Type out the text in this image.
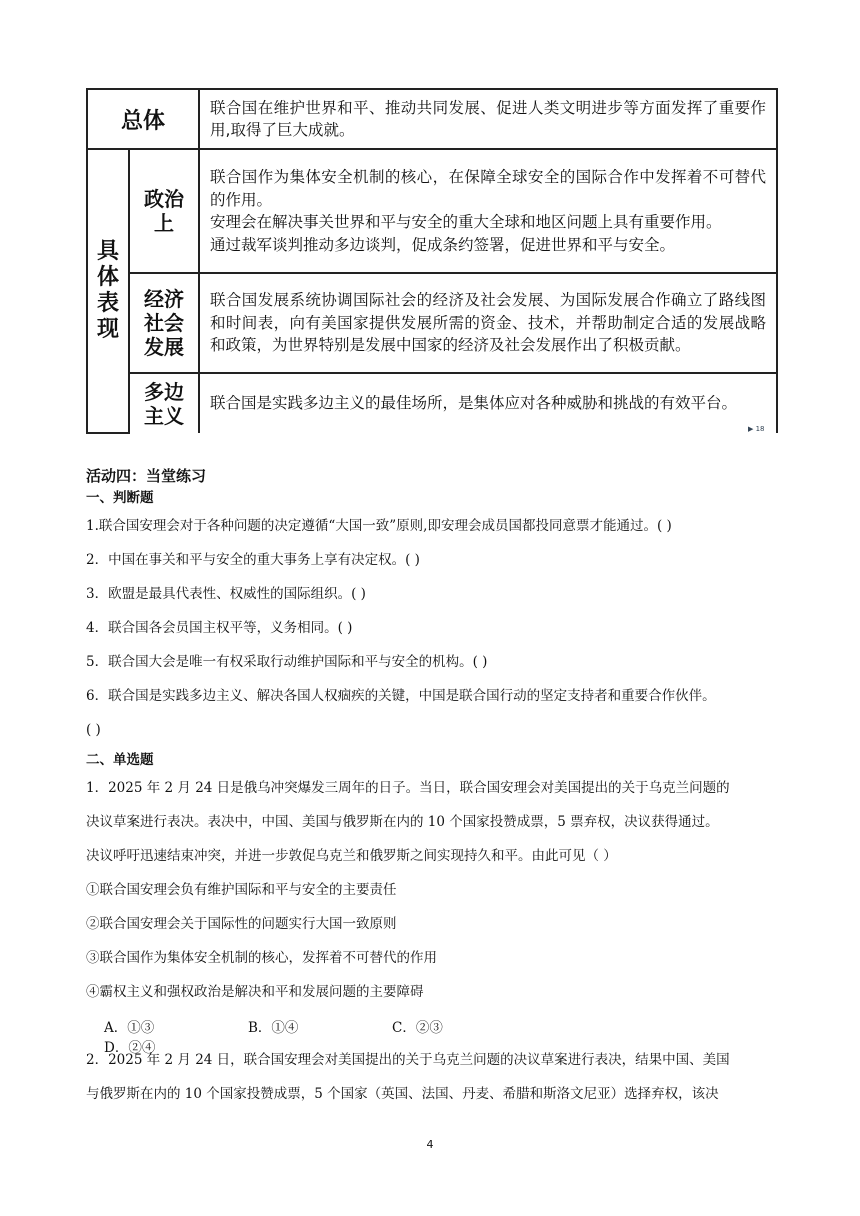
总体		联合国在维护世界和平、推动共同发展、促进人类文明进步等方面发挥了重要作用,取得了巨大成就。

具体表现	政治上	联合国作为集体安全机制的核心，在保障全球安全的国际合作中发挥着不可替代的作用。

安理会在解决事关世界和平与安全的重大全球和地区问题上具有重要作用。

通过裁军谈判推动多边谈判，促成条约签署，促进世界和平与安全。

	经济社会发展	联合国发展系统协调国际社会的经济及社会发展、为国际发展合作确立了路线图和时间表，向有美国家提供发展所需的资金、技术，并帮助制定合适的发展战略和政策，为世界特别是发展中国家的经济及社会发展作出了积极贡献。

	多边主义	联合国是实践多边主义的最佳场所，是集体应对各种威胁和挑战的有效平台。
▶ 18
活动四：当堂练习
一、判断题
1.联合国安理会对于各种问题的决定遵循“大国一致”原则,即安理会成员国都投同意票才能通过。( )
2．中国在事关和平与安全的重大事务上享有决定权。( )
3．欧盟是最具代表性、权威性的国际组织。( )
4．联合国各会员国主权平等，义务相同。( )
5．联合国大会是唯一有权采取行动维护国际和平与安全的机构。( )
6．联合国是实践多边主义、解决各国人权痼疾的关键，中国是联合国行动的坚定支持者和重要合作伙伴。
( )
二、单选题
1．2025 年 2 月 24 日是俄乌冲突爆发三周年的日子。当日，联合国安理会对美国提出的关于乌克兰问题的
决议草案进行表决。表决中，中国、美国与俄罗斯在内的 10 个国家投赞成票，5 票弃权，决议获得通过。
决议呼吁迅速结束冲突，并进一步敦促乌克兰和俄罗斯之间实现持久和平。由此可见（ ）
①联合国安理会负有维护国际和平与安全的主要责任
②联合国安理会关于国际性的问题实行大国一致原则
③联合国作为集体安全机制的核心，发挥着不可替代的作用
④霸权主义和强权政治是解决和平和发展问题的主要障碍
A．①③	B．①④	C．②③D．②④
2．2025 年 2 月 24 日，联合国安理会对美国提出的关于乌克兰问题的决议草案进行表决，结果中国、美国
与俄罗斯在内的 10 个国家投赞成票，5 个国家（英国、法国、丹麦、希腊和斯洛文尼亚）选择弃权，该决
4
